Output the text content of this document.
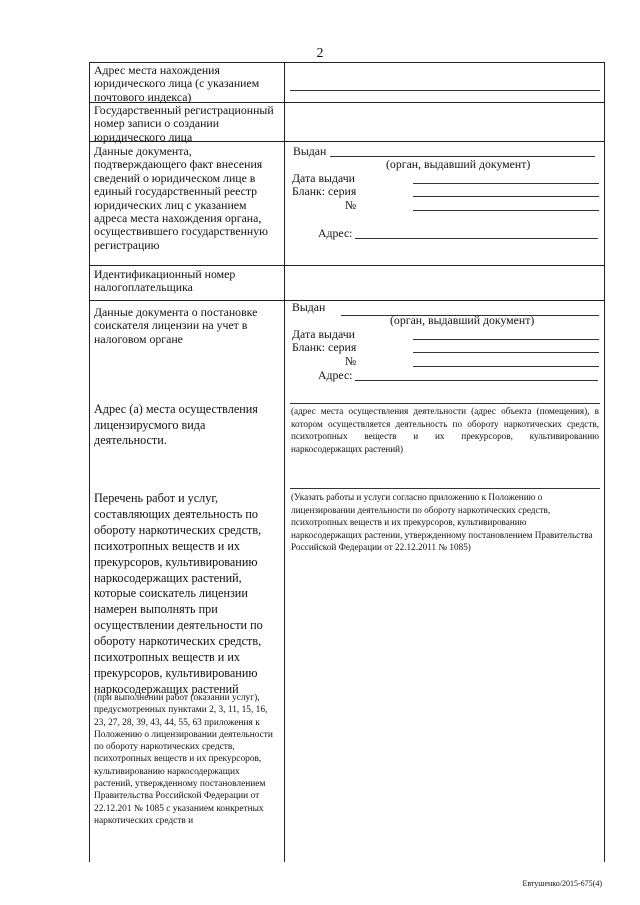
2
Адрес места нахождения юридического лица (с указанием почтового индекса)
Государственный регистрационный номер записи о создании юридического лица
Данные документа, подтверждающего факт внесения сведений о юридическом лице в единый государственный реестр юридических лиц с указанием адреса места нахождения органа, осуществившего государственную регистрацию
Выдан
(орган, выдавший документ)
Дата выдачи
Бланк: серия
№
Адрес:
Идентификационный номер налогоплательщика
Данные документа о постановке соискателя лицензии на учет в налоговом органе
Выдан
(орган, выдавший документ)
Дата выдачи
Бланк: серия
№
Адрес:
Адрес (а) места осуществления лицензирусмого вида деятельности.
(адрес места осуществления деятельности (адрес объекта (помещения), в котором осуществляется деятельность по обороту наркотических средств, психотропных веществ и их прекурсоров, культивированию наркосодержащих растений)
Перечень работ и услуг, составляющих деятельность по обороту наркотических средств, психотропных веществ и их прекурсоров, культивированию наркосодержащих растений, которые соискатель лицензии намерен выполнять при осуществлении деятельности по обороту наркотических средств, психотропных веществ и их прекурсоров, культивированию наркосодержащих растений
(при выполнении работ (оказании услуг), предусмотренных пунктами 2, 3, 11, 15, 16, 23, 27, 28, 39, 43, 44, 55, 63 приложения к Положению о лицензировании деятельности по обороту наркотических средств, психотропных веществ и их прекурсоров, культивированию наркосодержащих растений, утвержденному постановлением Правительства Российской Федерации от 22.12.201 № 1085 с указанием конкретных наркотических средств и
(Указать работы и услуги согласно приложению к Положению о лицензировании деятельности по обороту наркотических средств, психотропных веществ и их прекурсоров, культивированию наркосодержащих растении, утвержденному постановлением Правительства Российской Федерации от 22.12.2011 № 1085)
Евтушенко/2015-675(4)
